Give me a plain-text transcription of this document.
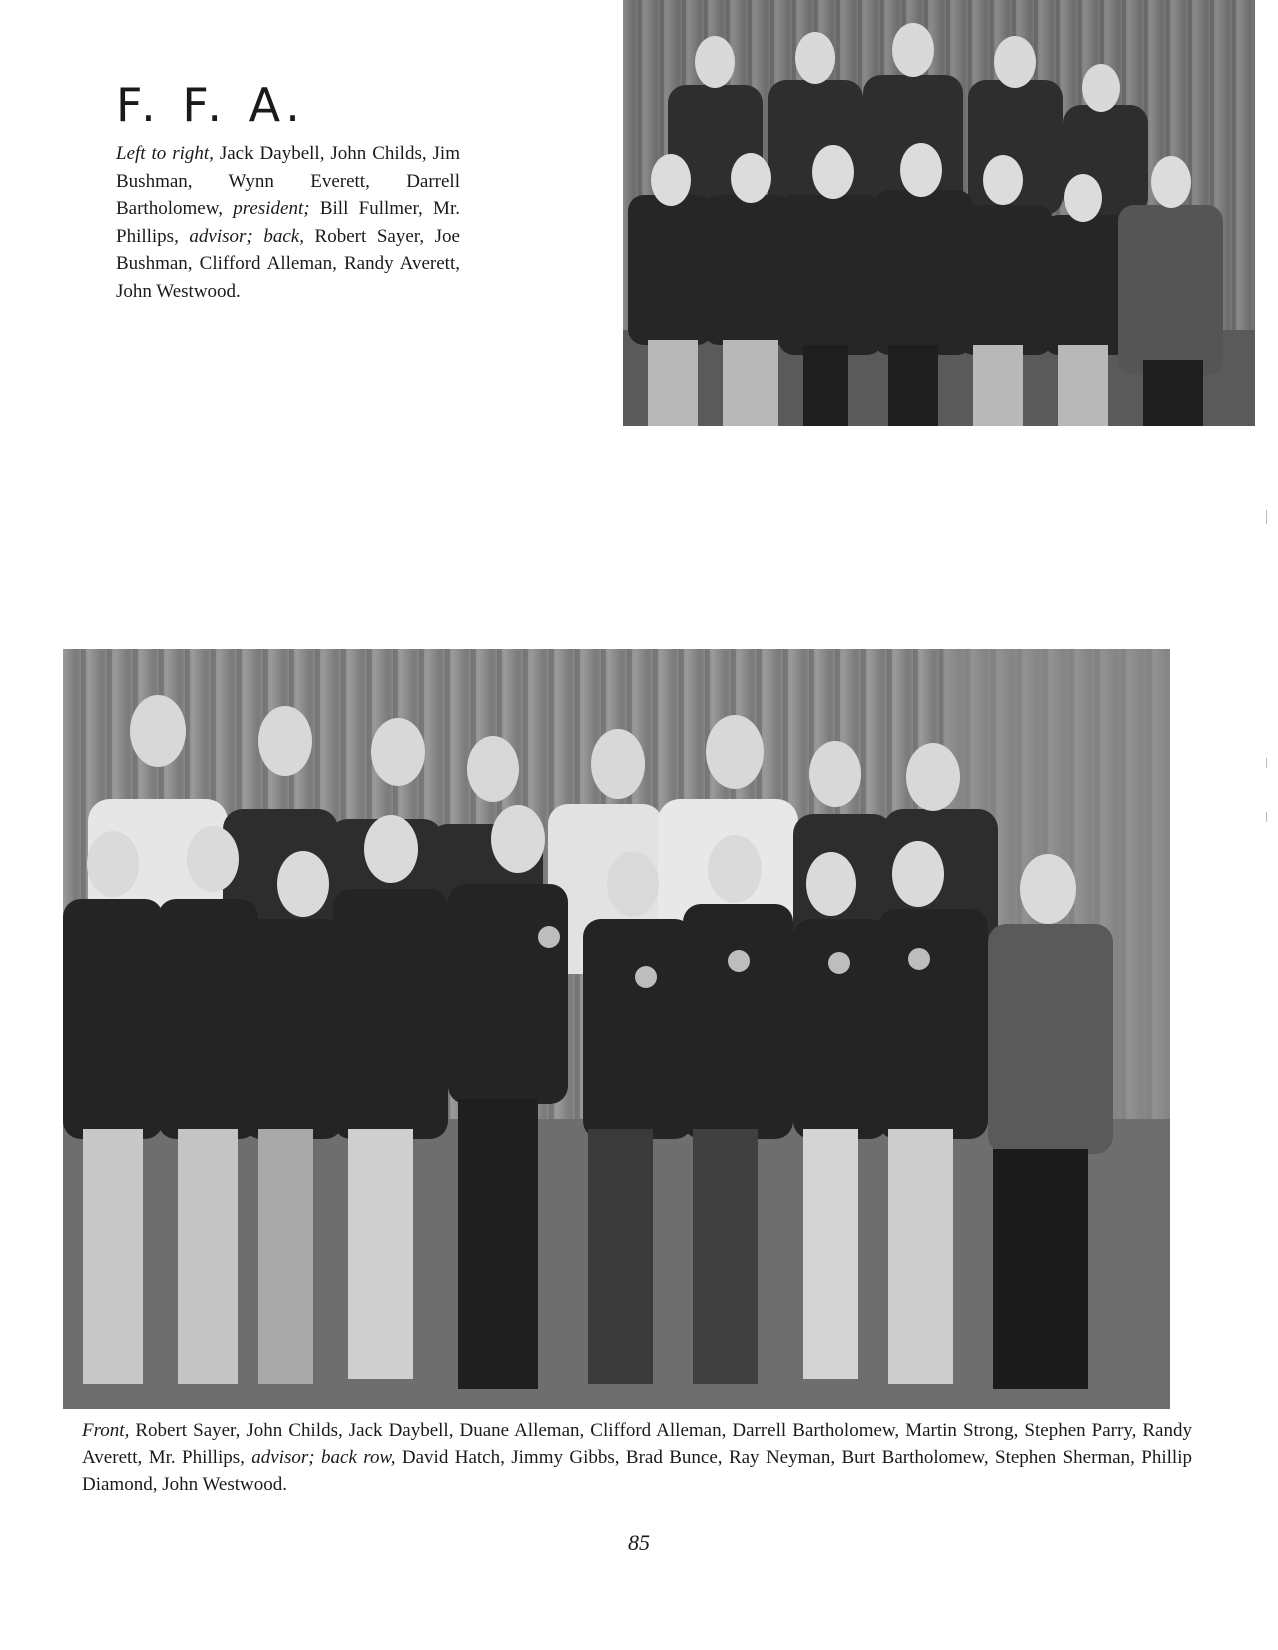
F. F. A.

Left to right, Jack Daybell, John Childs, Jim Bushman, Wynn Everett, Darrell Bartholomew, president; Bill Fullmer, Mr. Phillips, advisor; back, Robert Sayer, Joe Bushman, Clifford Alleman, Randy Averett, John Westwood.

Front, Robert Sayer, John Childs, Jack Daybell, Duane Alleman, Clifford Alleman, Darrell Bartholomew, Martin Strong, Stephen Parry, Randy Averett, Mr. Phillips, advisor; back row, David Hatch, Jimmy Gibbs, Brad Bunce, Ray Neyman, Burt Bartholomew, Stephen Sherman, Phillip Diamond, John Westwood.

85
